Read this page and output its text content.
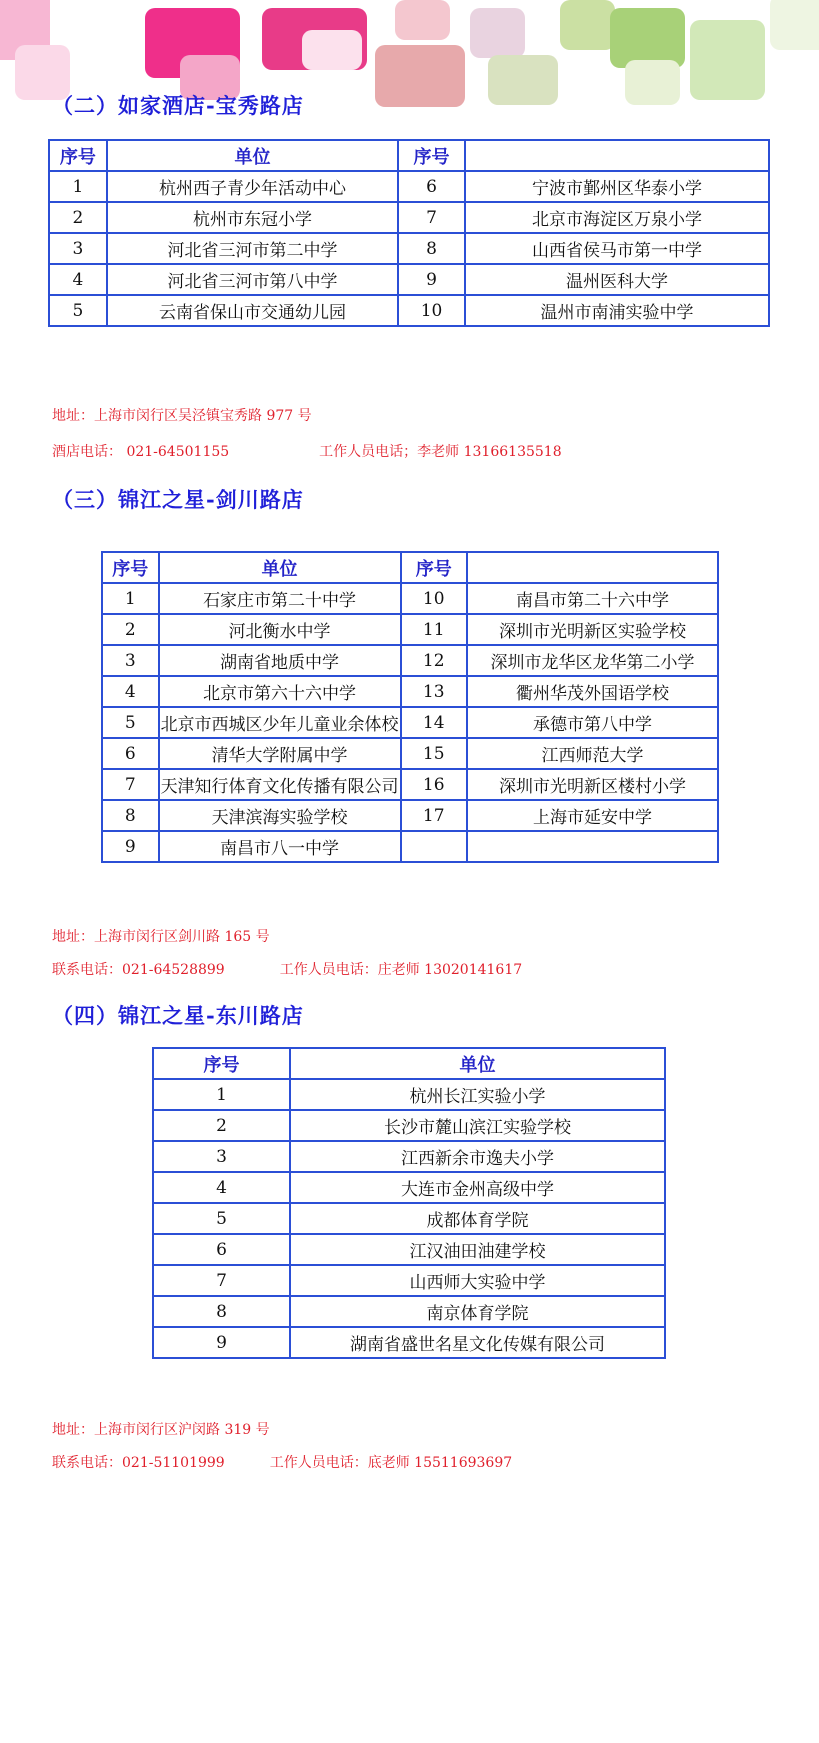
（二）如家酒店-宝秀路店
序号	单位	序号	
1	杭州西子青少年活动中心	6	宁波市鄞州区华泰小学
2	杭州市东冠小学	7	北京市海淀区万泉小学
3	河北省三河市第二中学	8	山西省侯马市第一中学
4	河北省三河市第八中学	9	温州医科大学
5	云南省保山市交通幼儿园	10	温州市南浦实验中学
地址：上海市闵行区吴泾镇宝秀路 977 号
酒店电话： 021-64501155	工作人员电话；李老师 13166135518
（三）锦江之星-剑川路店
序号	单位	序号	
1	石家庄市第二十中学	10	南昌市第二十六中学
2	河北衡水中学	11	深圳市光明新区实验学校
3	湖南省地质中学	12	深圳市龙华区龙华第二小学
4	北京市第六十六中学	13	衢州华茂外国语学校
5	北京市西城区少年儿童业余体校	14	承德市第八中学
6	清华大学附属中学	15	江西师范大学
7	天津知行体育文化传播有限公司	16	深圳市光明新区楼村小学
8	天津滨海实验学校	17	上海市延安中学
9	南昌市八一中学		
地址：上海市闵行区剑川路 165 号
联系电话：021-64528899	工作人员电话：庄老师 13020141617
（四）锦江之星-东川路店
序号	单位
1	杭州长江实验小学
2	长沙市麓山滨江实验学校
3	江西新余市逸夫小学
4	大连市金州高级中学
5	成都体育学院
6	江汉油田油建学校
7	山西师大实验中学
8	南京体育学院
9	湖南省盛世名星文化传媒有限公司
地址：上海市闵行区沪闵路 319 号
联系电话：021-51101999	工作人员电话：底老师 15511693697
